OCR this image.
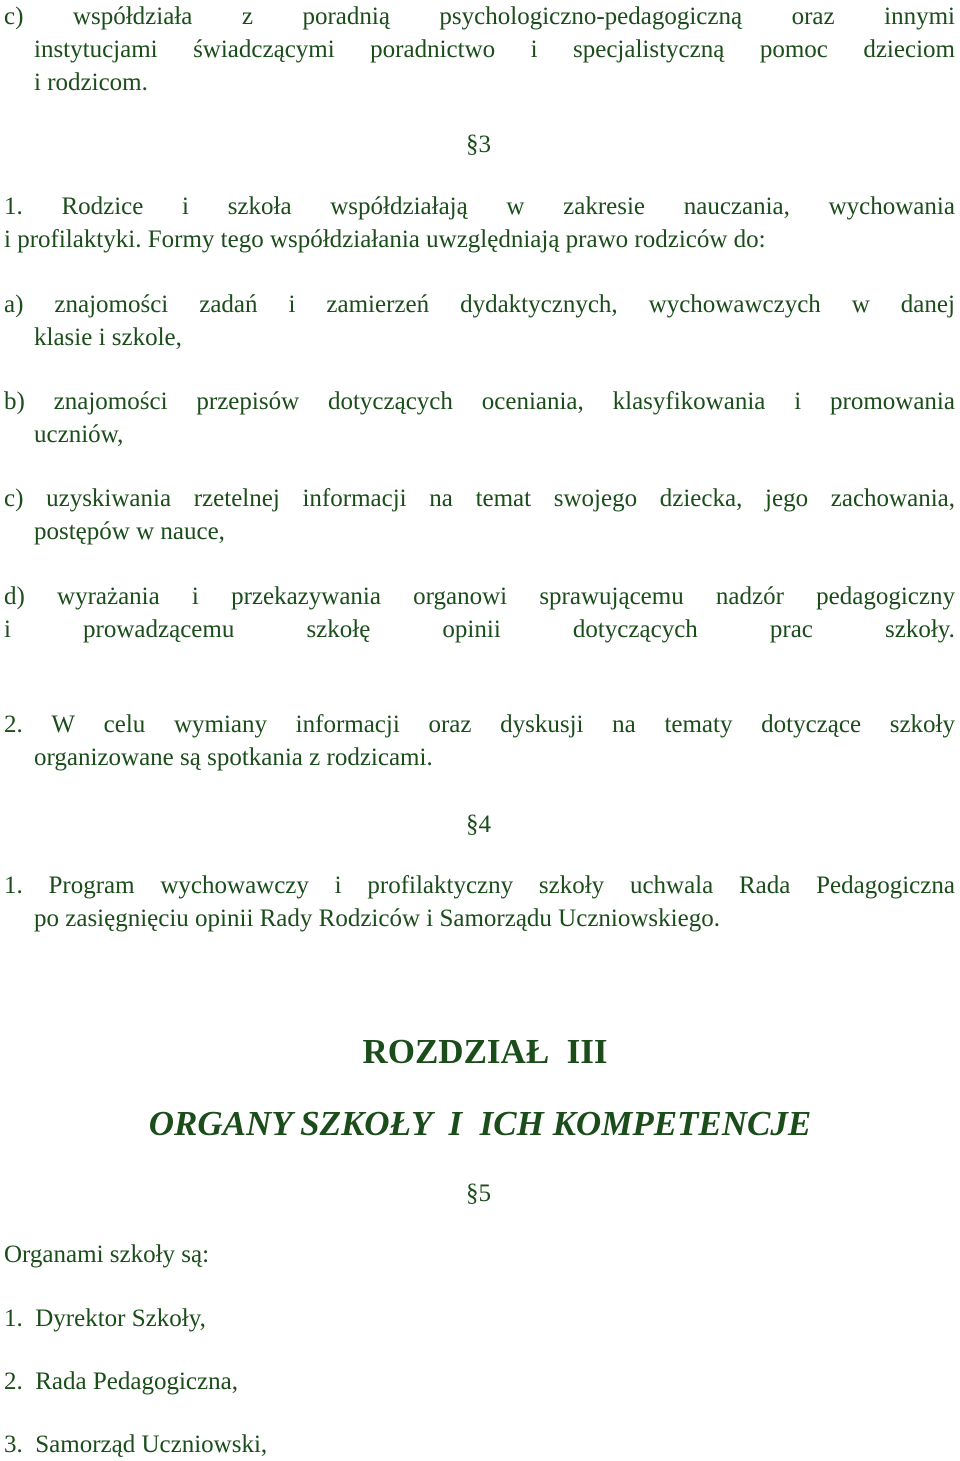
c) współdziała z poradnią psychologiczno-pedagogiczną oraz innymi
instytucjami świadczącymi poradnictwo i specjalistyczną pomoc dzieciom
i rodzicom.
§3
1. Rodzice i szkoła współdziałają w zakresie nauczania, wychowania
i profilaktyki. Formy tego współdziałania uwzględniają prawo rodziców do:
a) znajomości zadań i zamierzeń dydaktycznych, wychowawczych w danej
klasie i szkole,
b) znajomości przepisów dotyczących oceniania, klasyfikowania i promowania
uczniów,
c) uzyskiwania rzetelnej informacji na temat swojego dziecka, jego zachowania,
postępów w nauce,
d) wyrażania i przekazywania organowi sprawującemu nadzór pedagogiczny
i	prowadzącemu	szkołę	opinii	dotyczących	prac	szkoły.
2. W celu wymiany informacji oraz dyskusji na tematy dotyczące szkoły
organizowane są spotkania z rodzicami.
§4
1. Program wychowawczy i profilaktyczny szkoły uchwala Rada Pedagogiczna
po zasięgnięciu opinii Rady Rodziców i Samorządu Uczniowskiego.
ROZDZIAŁ  III
ORGANY SZKOŁY  I  ICH KOMPETENCJE
§5
Organami szkoły są:
1.  Dyrektor Szkoły,
2.  Rada Pedagogiczna,
3.  Samorząd Uczniowski,
